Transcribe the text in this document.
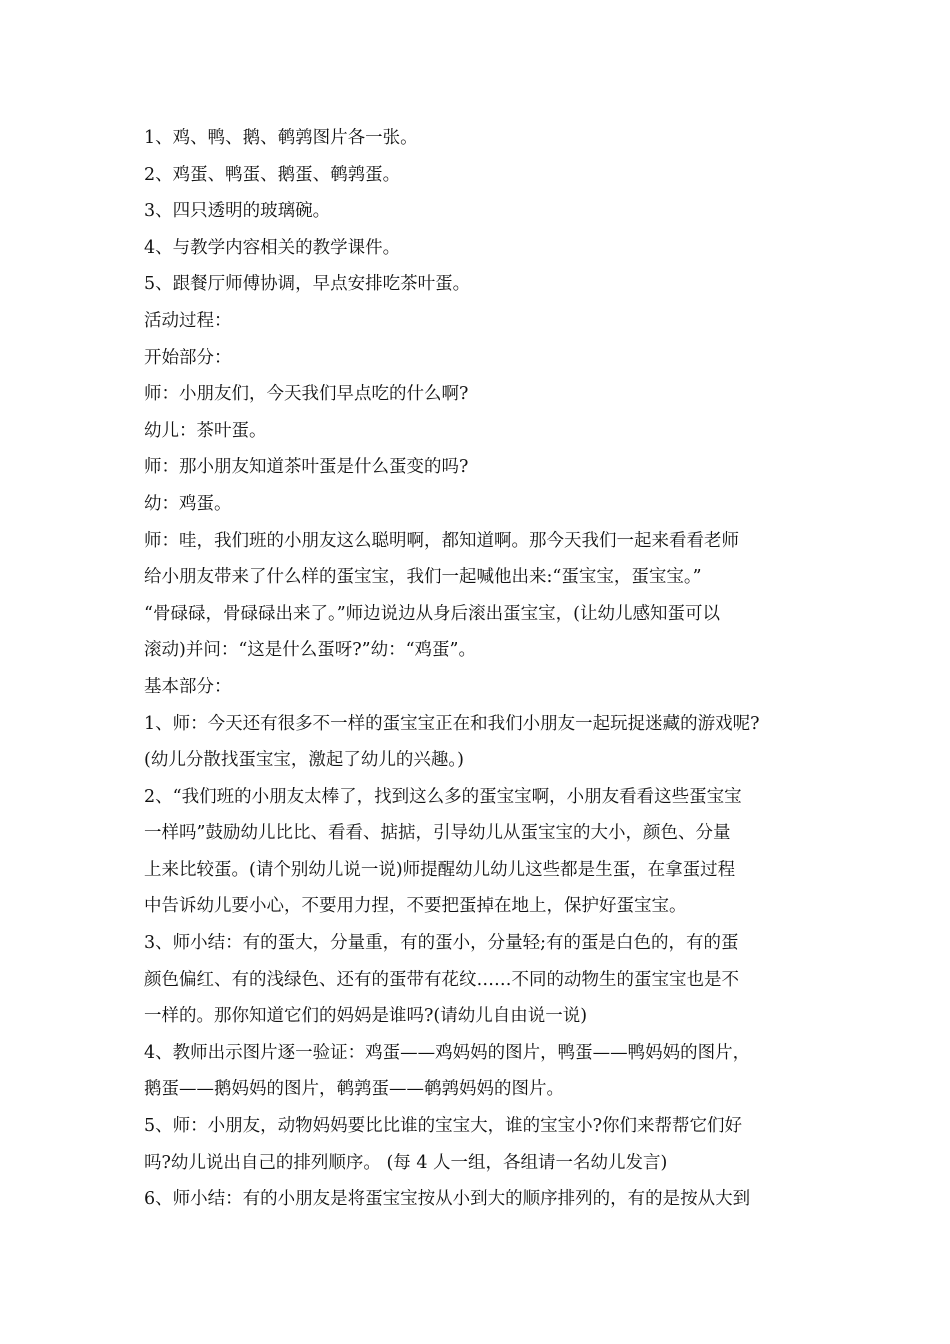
1、鸡、鸭、鹅、鹌鹑图片各一张。

2、鸡蛋、鸭蛋、鹅蛋、鹌鹑蛋。

3、四只透明的玻璃碗。

4、与教学内容相关的教学课件。

5、跟餐厅师傅协调，早点安排吃茶叶蛋。

活动过程：

开始部分：

师：小朋友们，今天我们早点吃的什么啊?

幼儿：茶叶蛋。

师：那小朋友知道茶叶蛋是什么蛋变的吗?

幼：鸡蛋。

师：哇，我们班的小朋友这么聪明啊，都知道啊。那今天我们一起来看看老师

给小朋友带来了什么样的蛋宝宝，我们一起喊他出来:“蛋宝宝，蛋宝宝。”

“骨碌碌，骨碌碌出来了。”师边说边从身后滚出蛋宝宝，(让幼儿感知蛋可以

滚动)并问：“这是什么蛋呀?”幼：“鸡蛋”。

基本部分：

1、师：今天还有很多不一样的蛋宝宝正在和我们小朋友一起玩捉迷藏的游戏呢?

(幼儿分散找蛋宝宝，激起了幼儿的兴趣。)

2、“我们班的小朋友太棒了，找到这么多的蛋宝宝啊，小朋友看看这些蛋宝宝

一样吗”鼓励幼儿比比、看看、掂掂，引导幼儿从蛋宝宝的大小，颜色、分量

上来比较蛋。(请个别幼儿说一说)师提醒幼儿幼儿这些都是生蛋，在拿蛋过程

中告诉幼儿要小心，不要用力捏，不要把蛋掉在地上，保护好蛋宝宝。

3、师小结：有的蛋大，分量重，有的蛋小，分量轻;有的蛋是白色的，有的蛋

颜色偏红、有的浅绿色、还有的蛋带有花纹……不同的动物生的蛋宝宝也是不

一样的。那你知道它们的妈妈是谁吗?(请幼儿自由说一说)

4、教师出示图片逐一验证：鸡蛋——鸡妈妈的图片，鸭蛋——鸭妈妈的图片，

鹅蛋——鹅妈妈的图片，鹌鹑蛋——鹌鹑妈妈的图片。

5、师：小朋友，动物妈妈要比比谁的宝宝大，谁的宝宝小?你们来帮帮它们好

吗?幼儿说出自己的排列顺序。 (每 4 人一组，各组请一名幼儿发言)

6、师小结：有的小朋友是将蛋宝宝按从小到大的顺序排列的，有的是按从大到
